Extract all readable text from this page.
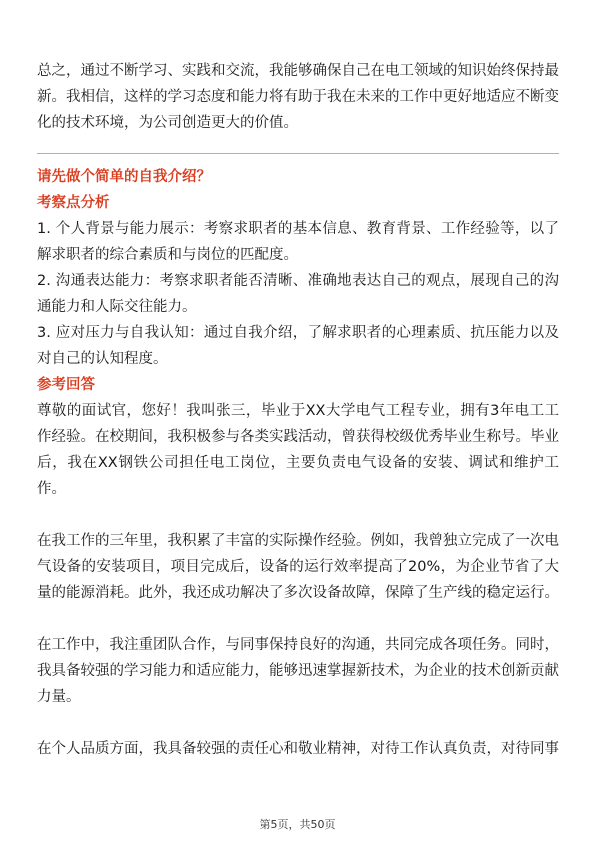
总之，通过不断学习、实践和交流，我能够确保自己在电工领域的知识始终保持最新。我相信，这样的学习态度和能力将有助于我在未来的工作中更好地适应不断变化的技术环境，为公司创造更大的价值。

请先做个简单的自我介绍？

考察点分析

1. 个人背景与能力展示：考察求职者的基本信息、教育背景、工作经验等，以了解求职者的综合素质和与岗位的匹配度。

2. 沟通表达能力：考察求职者能否清晰、准确地表达自己的观点，展现自己的沟通能力和人际交往能力。

3. 应对压力与自我认知：通过自我介绍，了解求职者的心理素质、抗压能力以及对自己的认知程度。

参考回答

尊敬的面试官，您好！我叫张三，毕业于XX大学电气工程专业，拥有3年电工工作经验。在校期间，我积极参与各类实践活动，曾获得校级优秀毕业生称号。毕业后，我在XX钢铁公司担任电工岗位，主要负责电气设备的安装、调试和维护工作。

在我工作的三年里，我积累了丰富的实际操作经验。例如，我曾独立完成了一次电气设备的安装项目，项目完成后，设备的运行效率提高了20%，为企业节省了大量的能源消耗。此外，我还成功解决了多次设备故障，保障了生产线的稳定运行。

在工作中，我注重团队合作，与同事保持良好的沟通，共同完成各项任务。同时，我具备较强的学习能力和适应能力，能够迅速掌握新技术，为企业的技术创新贡献力量。

在个人品质方面，我具备较强的责任心和敬业精神，对待工作认真负责，对待同事

第5页，共50页
